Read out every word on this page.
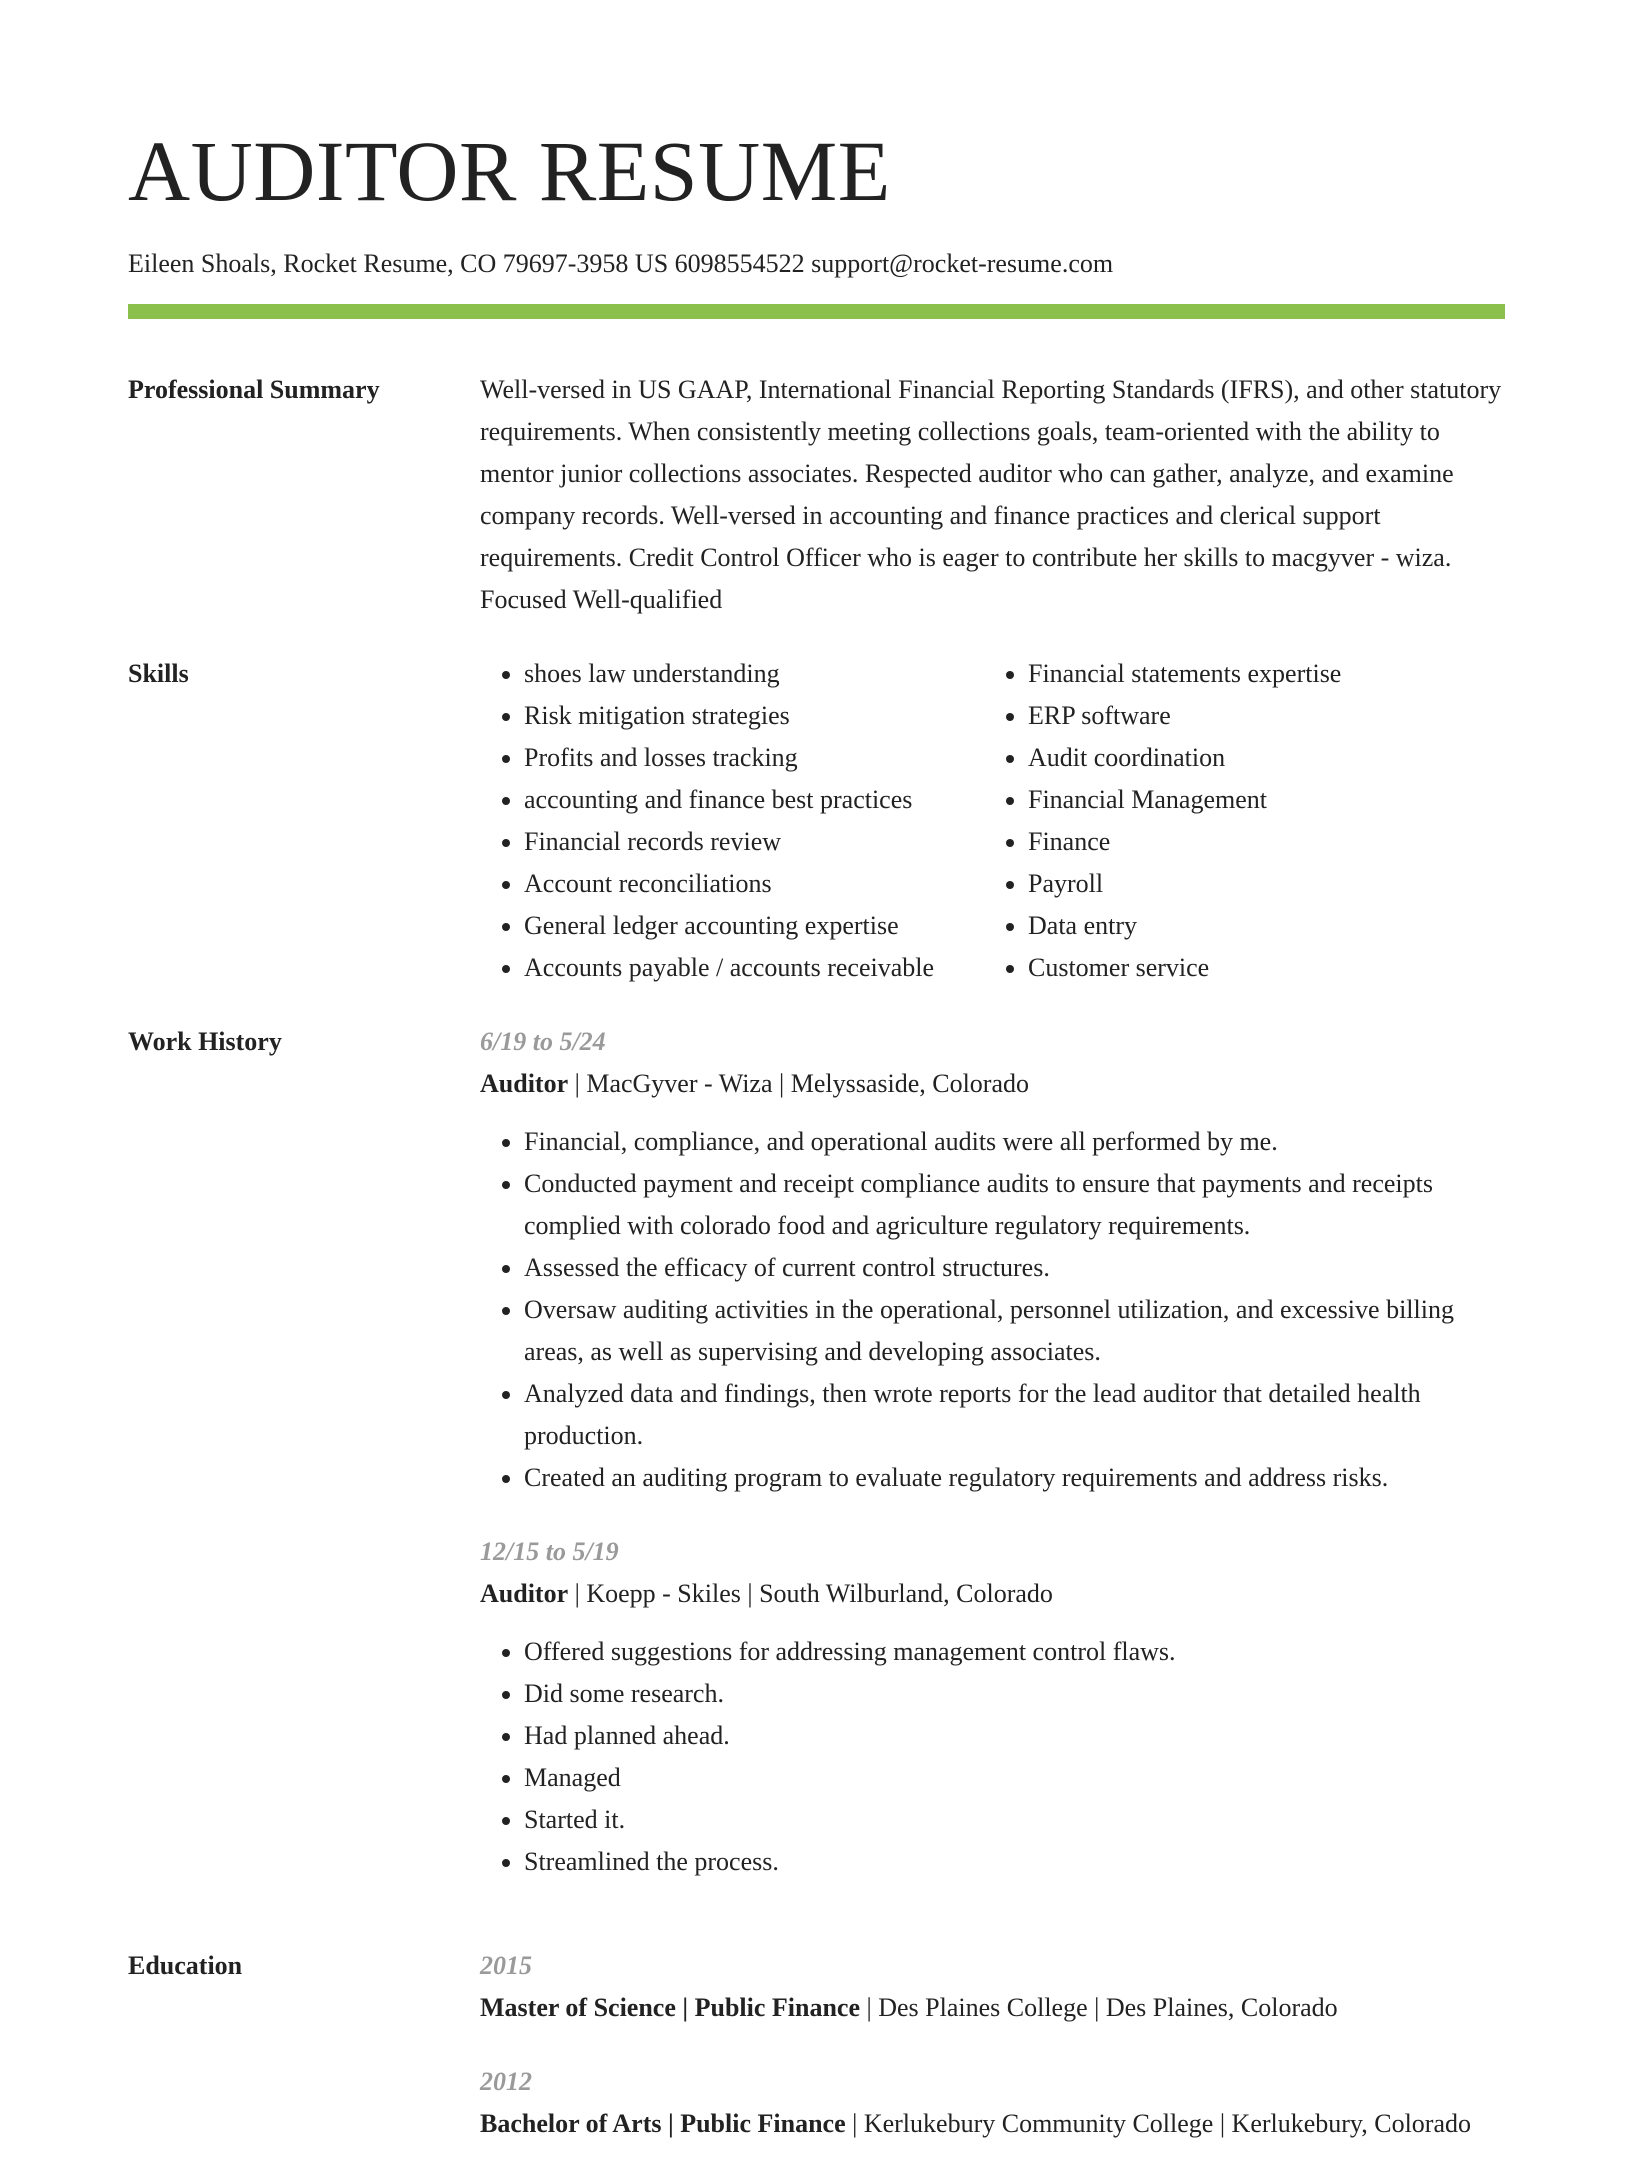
AUDITOR RESUME
Eileen Shoals, Rocket Resume, CO 79697-3958 US 6098554522 support@rocket-resume.com
Professional Summary	Well-versed in US GAAP, International Financial Reporting Standards (IFRS), and other statutory requirements. When consistently meeting collections goals, team-oriented with the ability to mentor junior collections associates. Respected auditor who can gather, analyze, and examine company records. Well-versed in accounting and finance practices and clerical support requirements. Credit Control Officer who is eager to contribute her skills to macgyver - wiza. Focused Well-qualified

Skills
•	shoes law understanding
• Risk mitigation strategies
• Profits and losses tracking
• accounting and finance best practices
• Financial records review
• Account reconciliations
• General ledger accounting expertise
• Accounts payable / accounts receivable
• Financial statements expertise
• ERP software
• Audit coordination
• Financial Management
• Finance
• Payroll
• Data entry
• Customer service
Work History	6/19 to 5/24
Auditor | MacGyver - Wiza | Melyssaside, Colorado
• Financial, compliance, and operational audits were all performed by me.
• Conducted payment and receipt compliance audits to ensure that payments and receipts complied with colorado food and agriculture regulatory requirements.
• Assessed the efficacy of current control structures.
• Oversaw auditing activities in the operational, personnel utilization, and excessive billing areas, as well as supervising and developing associates.
• Analyzed data and findings, then wrote reports for the lead auditor that detailed health production.
• Created an auditing program to evaluate regulatory requirements and address risks.
12/15 to 5/19
Auditor | Koepp - Skiles | South Wilburland, Colorado
• Offered suggestions for addressing management control flaws.
• Did some research.
• Had planned ahead.
• Managed
• Started it.
• Streamlined the process.
Education	2015
Master of Science | Public Finance | Des Plaines College | Des Plaines, Colorado
2012
Bachelor of Arts | Public Finance | Kerlukebury Community College | Kerlukebury, Colorado
